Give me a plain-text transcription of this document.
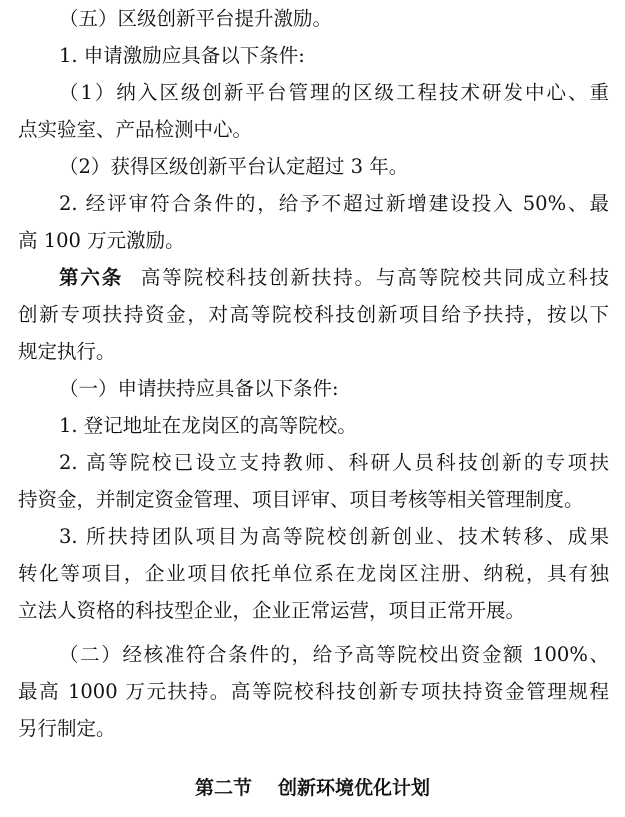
（五）区级创新平台提升激励。
1. 申请激励应具备以下条件:
（1）纳入区级创新平台管理的区级工程技术研发中心、重
点实验室、产品检测中心。
（2）获得区级创新平台认定超过 3 年。
2. 经评审符合条件的，给予不超过新增建设投入 50%、最
高 100 万元激励。
第六条 高等院校科技创新扶持。与高等院校共同成立科技
创新专项扶持资金，对高等院校科技创新项目给予扶持，按以下
规定执行。
（一）申请扶持应具备以下条件:
1. 登记地址在龙岗区的高等院校。
2. 高等院校已设立支持教师、科研人员科技创新的专项扶
持资金，并制定资金管理、项目评审、项目考核等相关管理制度。
3. 所扶持团队项目为高等院校创新创业、技术转移、成果
转化等项目，企业项目依托单位系在龙岗区注册、纳税，具有独
立法人资格的科技型企业，企业正常运营，项目正常开展。
（二）经核准符合条件的，给予高等院校出资金额 100%、
最高 1000 万元扶持。高等院校科技创新专项扶持资金管理规程
另行制定。
第二节 创新环境优化计划
